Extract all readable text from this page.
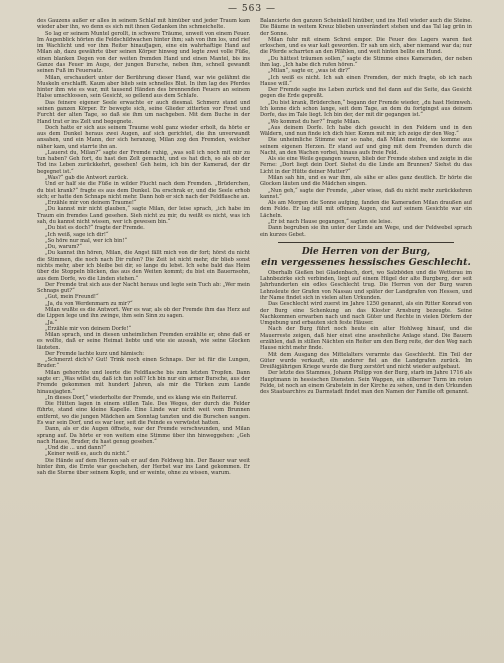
— 563 —

des Gauzens außer er alles in seinem Schlaf mit himüber und jeder Traum kam wieder aber ihn, wo denn es sich mit ihnen Gedanken ihn schmeichelte.

So lag er seinem Muntel gerollt, in schwere Träume, unweit von einem Feuer. Im Augenblick hörten die Feldschildwachen hinter ihm; sah von ihm los, und rief im Wachlicht und vor ihm Reiter hinaufjagen, eine ein wahrhaftige Hand auf Milan ab, dazu gewährte über seinen Körper hinweg und legte zwei volle Füße, einen blanken Degen von der weiten fremden Hand und einen Mantel, bis ins Ganze das Feuer im Auge, der jungen Bursche, neben ihm, schnell gewandt seinen Fuß im Feuersatz.

Milan, erschaudert unter der Berührung dieser Hand, war wie gelähmt die Muskeln erschlafft. Kaum aber blieb sein schnelles Blut. In ihm lag des Pferdes hinter ihm wie es war, mit tausend Händen des brennenden Feuers an seinem Halse umschlossen, sein Gesicht, so gellend aus dem Schlafe.

Das feinere eigener Seele erwachte er auch diesmal. Schmerz stand und seinen ganzen Körper. Er bewegte sich, seine Glieder zitterten vor Frost und Furcht der alten Tage, so daß sie ihm um nachgeben. Mit dem Buche in der Hand trat er ins Zelt und begegnete.

Doch hatte er sich aus seinem Traume wohl ganz wieder erholt, da hörte er aus dem Dunkel heraus zwei Augen, auf sich gerichtet, die ihn unverwandt ansahen, und ein Mann, der sich heranzog, Milan zog den Fremden, welcher näher kam, und starrte ihn an.

„Lauerst du, Milan?“ sagte der Fremde ruhig, „was soll ich noch mit mir zu tun haben? Geh fort, du hast den Zelt gemacht, und es hat dich, so als ob der Tod ins Leben zurückkehrt, gesehen! Geh heim, ich bin der Kamerad, der dir begegnet ist.“

„Was?“ gab die Antwort zurück.

Und er half sie die Füße in wilder Flucht nach dem Fremden. „Brüderchen, du bist krank?“ fragte es aus dem Dunkel. Da erschrak er, und die Seele erhob sich; er hatte den Schnaps nicht mehr. Dann hob er sich nach der Feldflasche an.

„Erzähle mir von deinem Traume!“

„Du kannst mir nicht glauben,“ sagte Milan, der leise sprach, „ich habe im Traum ein fremdes Land gesehen. Sieh nicht zu mir, du weißt es nicht, was ich sah, du kannst nicht wissen, wer ich gewesen bin.“

„Du bist es doch?“ fragte der Fremde.

„Ich weiß, sage ich dir!“

„So höre nur mal, wer ich bin!“

„Du, warum?“

„Du kannst ihn hören, Milan, die Angst fällt mich von dir fort; hörst du nicht die Stimmen, die noch nach Dir rufen? Die Zeit ist nicht mehr, dir blieb sonst nichts mehr, aber ich bleibe bei dir, so lange du lebst. Ich sehe bald das Heim über die Stoppeln blicken, das aus den Weiten kommt; du bist ein Bauernsohn, aus dem Dorfe, wo die Linden stehen.“

Der Fremde trat sich aus der Nacht heraus und legte sein Tuch ab: „Wer mein Schnaps gut?“

„Gut, mein Freund!“

„Ja, du von Werdenmarn zu mir?“

Milan wußte es die Antwort. Wer es war, als ob der Fremde ihm das Herz auf die Lippen lege und ihn zwinge, ihm sein Sinn zu sagen.

„Ja.“

„Erzähle mir von deinem Dorfe!“

Milan sprach, und in diesen unheimlichen Fremden erzählte er, ohne daß er es wollte, daß er seine Heimat liebte und wie sie aussah, wie seine Glocken läuteten.

Der Fremde lachte kurz und hämisch:

„Schmerzt dich's? Gut! Trink noch einen Schnaps. Der ist für die Lungen, Bruder.“

Milan gehorchte und leerte die Feldflasche bis zum letzten Tropfen. Dann sagte er: „Was willst du, daß ich tun soll? Ich bin nur ein armer Bursche, aus der Fremde gekommen mit hundert Jahren, als mir die Türken zum Lande hinausjagten.“

„In dieses Dorf,“ wiederholte der Fremde, und es klang wie ein Reiterruf.

Die Hütten lagen in einem stillen Tale. Des Weges, der durch die Felder führte, stand eine kleine Kapelle. Eine Linde war nicht weit vom Brunnen entfernt, wo die jungen Mädchen am Sonntag tanzten und die Burschen sangen. Es war sein Dorf, und es war leer, seit die Feinde es verwüstet hatten.

Dann, als er die Augen öffnete, war der Fremde verschwunden, und Milan sprang auf. Da hörte er von weitem eine Stimme über ihn hinweggehen: „Geh nach Hause, Bruder, du hast genug gesehen.“

„Und die ... und dann?“

„Keiner weiß es, auch du nicht.“

Die Hände auf dem Herzen sah er auf den Feldweg hin. Der Bauer war weit hinter ihm, die Ernte war geschehen, der Herbst war ins Land gekommen. Er sah die Sterne über seinem Kopfe, und er weinte, ohne zu wissen, warum.

Balancierte den ganzen Scheinkell hinüber, und ins Heil wieder auch die Steine. Die Bäume in weitem Kreuz blieben unverändert stehen und das Tal lag grün in der Sonne.

Milan fuhr mit einem Schrei empor. Die Feuer des Lagers waren fast erloschen, und es war kalt geworden. Er sah um sich, aber niemand war da; nur die Pferde scharrten an den Pfählen, und weit hinten bellte ein Hund.

„Du hättest träumen sollen,“ sagte die Stimme eines Kameraden, der neben ihm lag. „Ich habe dich rufen hören.“

„Milan“, sagte er, „was ist dir?“

„Ich weiß es nicht. Ich sah einen Fremden, der mich fragte, ob ich nach Hause will.“

Der Fremde sagte ins Leben zurück und fiel dann auf die Seite, das Gesicht gegen die Erde gepreßt.

„Du bist krank, Brüderchen,“ begann der Fremde wieder, „du hast Heimweh. Ich kenne dich schon lange, seit dem Tage, an dem du fortgingst aus deinem Dorfe, das im Tale liegt. Ich bin der, der mit dir gegangen ist.“

„Wo kommst du her?“ fragte Milan.

„Aus deinem Dorfe. Ich habe dich gesucht in den Feldern und in den Wäldern, und nun finde ich dich hier. Komm mit mir, ich zeige dir den Weg.“

Die unheimliche Stimme war so nahe, daß Milan meinte, sie komme aus seinem eigenen Herzen. Er stand auf und ging mit dem Fremden durch die Nacht, an den Wachen vorbei, hinaus aufs freie Feld.

Als sie eine Weile gegangen waren, blieb der Fremde stehen und zeigte in die Ferne: „Dort liegt dein Dorf. Siehst du die Linde am Brunnen? Siehst du das Licht in der Hütte deiner Mutter?“

Milan sah hin, und es war ihm, als sähe er alles ganz deutlich. Er hörte die Glocken läuten und die Mädchen singen.

„Nun geh,“ sagte der Fremde, „aber wisse, daß du nicht mehr zurückkehren kannst.“

Als am Morgen die Sonne aufging, fanden die Kameraden Milan draußen auf dem Felde. Er lag still mit offenen Augen, und auf seinem Gesichte war ein Lächeln.

„Er ist nach Hause gegangen,“ sagten sie leise.

Dann begruben sie ihn unter der Linde am Wege, und der Feldwebel sprach ein kurzes Gebet.

Die Herren von der Burg,
ein vergessenes hessisches Geschlecht.

Oberhalb Gießen bei Gladenbach, dort, wo Salzböden und die Wetterau im Lahnbezirke sich verbinden, liegt auf einem Hügel der alte Burgberg, der seit Jahrhunderten ein edles Geschlecht trug. Die Herren von der Burg waren Lehnsleute der Grafen von Nassau und später der Landgrafen von Hessen, und ihr Name findet sich in vielen alten Urkunden.

Das Geschlecht wird zuerst im Jahre 1250 genannt, als ein Ritter Konrad von der Burg eine Schenkung an das Kloster Arnsburg bezeugte. Seine Nachkommen erwarben nach und nach Güter und Rechte in vielen Dörfern der Umgebung und erbauten sich feste Häuser.

Nach der Burg führt noch heute ein alter Hohlweg hinauf, und die Mauerreste zeigen, daß hier einst eine ansehnliche Anlage stand. Die Bauern erzählen, daß in stillen Nächten ein Reiter um den Berg reite, der den Weg nach Hause nicht mehr finde.

Mit dem Ausgang des Mittelalters verarmte das Geschlecht. Ein Teil der Güter wurde verkauft, ein anderer fiel an die Landgrafen zurück. Im Dreißigjährigen Kriege wurde die Burg zerstört und nicht wieder aufgebaut.

Der letzte des Stammes, Johann Philipp von der Burg, starb im Jahre 1716 als Hauptmann in hessischen Diensten. Sein Wappen, ein silberner Turm im roten Felde, ist noch an einem Grabstein in der Kirche zu sehen, und in den Urkunden des Staatsarchivs zu Darmstadt findet man den Namen der Familie oft genannt.
